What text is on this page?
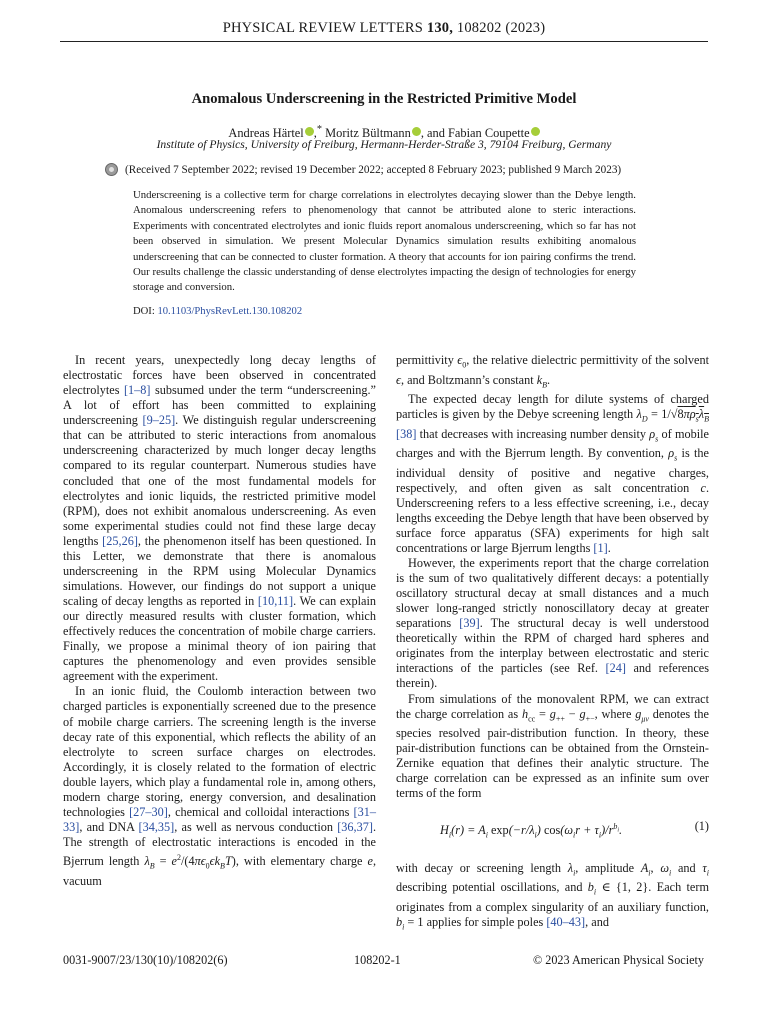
PHYSICAL REVIEW LETTERS 130, 108202 (2023)
Anomalous Underscreening in the Restricted Primitive Model
Andreas Härtel ,* Moritz Bültmann , and Fabian Coupette
Institute of Physics, University of Freiburg, Hermann-Herder-Straße 3, 79104 Freiburg, Germany
(Received 7 September 2022; revised 19 December 2022; accepted 8 February 2023; published 9 March 2023)
Underscreening is a collective term for charge correlations in electrolytes decaying slower than the Debye length. Anomalous underscreening refers to phenomenology that cannot be attributed alone to steric interactions. Experiments with concentrated electrolytes and ionic fluids report anomalous underscreening, which so far has not been observed in simulation. We present Molecular Dynamics simulation results exhibiting anomalous underscreening that can be connected to cluster formation. A theory that accounts for ion pairing confirms the trend. Our results challenge the classic understanding of dense electrolytes impacting the design of technologies for energy storage and conversion.
DOI: 10.1103/PhysRevLett.130.108202

In recent years, unexpectedly long decay lengths of electrostatic forces have been observed in concentrated electrolytes [1–8] subsumed under the term “underscreening.” A lot of effort has been committed to explaining underscreening [9–25]. We distinguish regular underscreening that can be attributed to steric interactions from anomalous underscreening characterized by much longer decay lengths compared to its regular counterpart. Numerous studies have concluded that one of the most fundamental models for electrolytes and ionic liquids, the restricted primitive model (RPM), does not exhibit anomalous underscreening. As even some experimental studies could not find these large decay lengths [25,26], the phenomenon itself has been questioned. In this Letter, we demonstrate that there is anomalous underscreening in the RPM using Molecular Dynamics simulations. However, our findings do not support a unique scaling of decay lengths as reported in [10,11]. We can explain our directly measured results with cluster formation, which effectively reduces the concentration of mobile charge carriers. Finally, we propose a minimal theory of ion pairing that captures the phenomenology and even provides sensible agreement with the experiment.

In an ionic fluid, the Coulomb interaction between two charged particles is exponentially screened due to the presence of mobile charge carriers. The screening length is the inverse decay rate of this exponential, which reflects the ability of an electrolyte to screen surface charges on electrodes. Accordingly, it is closely related to the formation of electric double layers, which play a fundamental role in, among others, modern charge storing, energy conversion, and desalination technologies [27–30], chemical and colloidal interactions [31–33], and DNA [34,35], as well as nervous conduction [36,37]. The strength of electrostatic interactions is encoded in the Bjerrum length $\lambda_B = e^2/(4\pi\epsilon_0\epsilon k_BT)$, with elementary charge e, vacuum

permittivity $\epsilon_0$, the relative dielectric permittivity of the solvent ϵ, and Boltzmann’s constant $k_B$.

The expected decay length for dilute systems of charged particles is given by the Debye screening length $\lambda_D = 1/√8\pi\rho_s\lambda_B$ [38] that decreases with increasing number density $\rho_s$ of mobile charges and with the Bjerrum length. By convention, $\rho_s$ is the individual density of positive and negative charges, respectively, and often given as salt concentration c. Underscreening refers to a less effective screening, i.e., decay lengths exceeding the Debye length that have been observed by surface force apparatus (SFA) experiments for high salt concentrations or large Bjerrum lengths [1].

However, the experiments report that the charge correlation is the sum of two qualitatively different decays: a potentially oscillatory structural decay at small distances and a much slower long-ranged strictly nonoscillatory decay at greater separations [39]. The structural decay is well understood theoretically within the RPM of charged hard spheres and originates from the interplay between electrostatic and steric interactions of the particles (see Ref. [24] and references therein).

From simulations of the monovalent RPM, we can extract the charge correlation as $h_{cc} = g_{++} - g_{+-}$, where $g_{\mu\nu}$ denotes the species resolved pair-distribution function. In theory, these pair-distribution functions can be obtained from the Ornstein-Zernike equation that defines their analytic structure. The charge correlation can be expressed as an infinite sum over terms of the form

$H_i(r) = A_i$ $\exp(-r/\lambda_i) \cos(\omega_ir + \tau_i)/r^{b_i}$.	(1)

with decay or screening length $\lambda_i$, amplitude $A_i$, $\omega_i$ and $\tau_i$ describing potential oscillations, and $b_i$ ∈ {1, 2}. Each term originates from a complex singularity of an auxiliary function, $b_i = 1$ applies for simple poles [40–43], and

0031-9007/23/130(10)/108202(6)	108202-1	© 2023 American Physical Society
